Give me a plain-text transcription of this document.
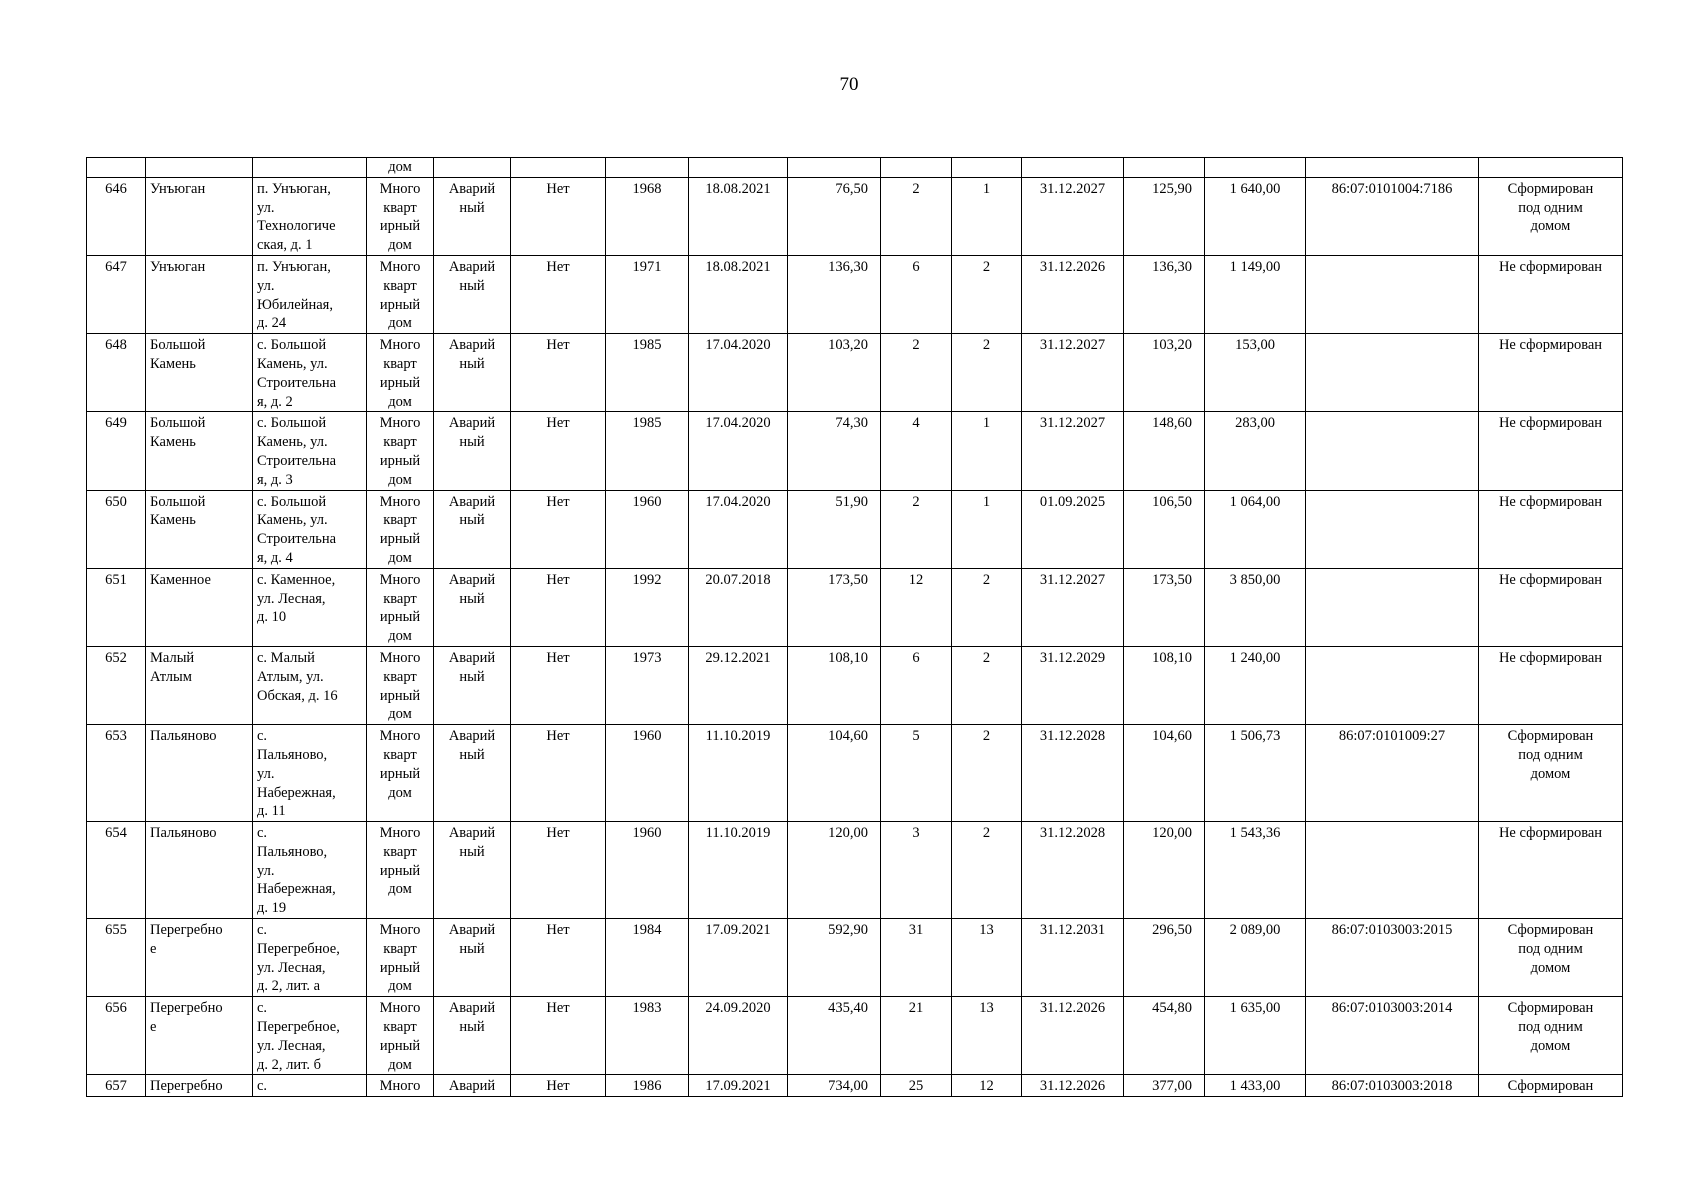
70
			дом												
646	Унъюган	п. Унъюган,
ул.
Технологиче
ская, д. 1	Много
кварт
ирный
дом	Аварий
ный	Нет	1968	18.08.2021	76,50	2	1	31.12.2027	125,90	1 640,00	86:07:0101004:7186	Сформирован
под одним
домом
647	Унъюган	п. Унъюган,
ул.
Юбилейная,
д. 24	Много
кварт
ирный
дом	Аварий
ный	Нет	1971	18.08.2021	136,30	6	2	31.12.2026	136,30	1 149,00		Не сформирован
648	Большой
Камень	с. Большой
Камень, ул.
Строительна
я, д. 2	Много
кварт
ирный
дом	Аварий
ный	Нет	1985	17.04.2020	103,20	2	2	31.12.2027	103,20	153,00		Не сформирован
649	Большой
Камень	с. Большой
Камень, ул.
Строительна
я, д. 3	Много
кварт
ирный
дом	Аварий
ный	Нет	1985	17.04.2020	74,30	4	1	31.12.2027	148,60	283,00		Не сформирован
650	Большой
Камень	с. Большой
Камень, ул.
Строительна
я, д. 4	Много
кварт
ирный
дом	Аварий
ный	Нет	1960	17.04.2020	51,90	2	1	01.09.2025	106,50	1 064,00		Не сформирован
651	Каменное	с. Каменное,
ул. Лесная,
д. 10	Много
кварт
ирный
дом	Аварий
ный	Нет	1992	20.07.2018	173,50	12	2	31.12.2027	173,50	3 850,00		Не сформирован
652	Малый
Атлым	с. Малый
Атлым, ул.
Обская, д. 16	Много
кварт
ирный
дом	Аварий
ный	Нет	1973	29.12.2021	108,10	6	2	31.12.2029	108,10	1 240,00		Не сформирован
653	Пальяново	с.
Пальяново,
ул.
Набережная,
д. 11	Много
кварт
ирный
дом	Аварий
ный	Нет	1960	11.10.2019	104,60	5	2	31.12.2028	104,60	1 506,73	86:07:0101009:27	Сформирован
под одним
домом
654	Пальяново	с.
Пальяново,
ул.
Набережная,
д. 19	Много
кварт
ирный
дом	Аварий
ный	Нет	1960	11.10.2019	120,00	3	2	31.12.2028	120,00	1 543,36		Не сформирован
655	Перегребно
е	с.
Перегребное,
ул. Лесная,
д. 2, лит. а	Много
кварт
ирный
дом	Аварий
ный	Нет	1984	17.09.2021	592,90	31	13	31.12.2031	296,50	2 089,00	86:07:0103003:2015	Сформирован
под одним
домом
656	Перегребно
е	с.
Перегребное,
ул. Лесная,
д. 2, лит. б	Много
кварт
ирный
дом	Аварий
ный	Нет	1983	24.09.2020	435,40	21	13	31.12.2026	454,80	1 635,00	86:07:0103003:2014	Сформирован
под одним
домом
657	Перегребно	с.	Много	Аварий	Нет	1986	17.09.2021	734,00	25	12	31.12.2026	377,00	1 433,00	86:07:0103003:2018	Сформирован
